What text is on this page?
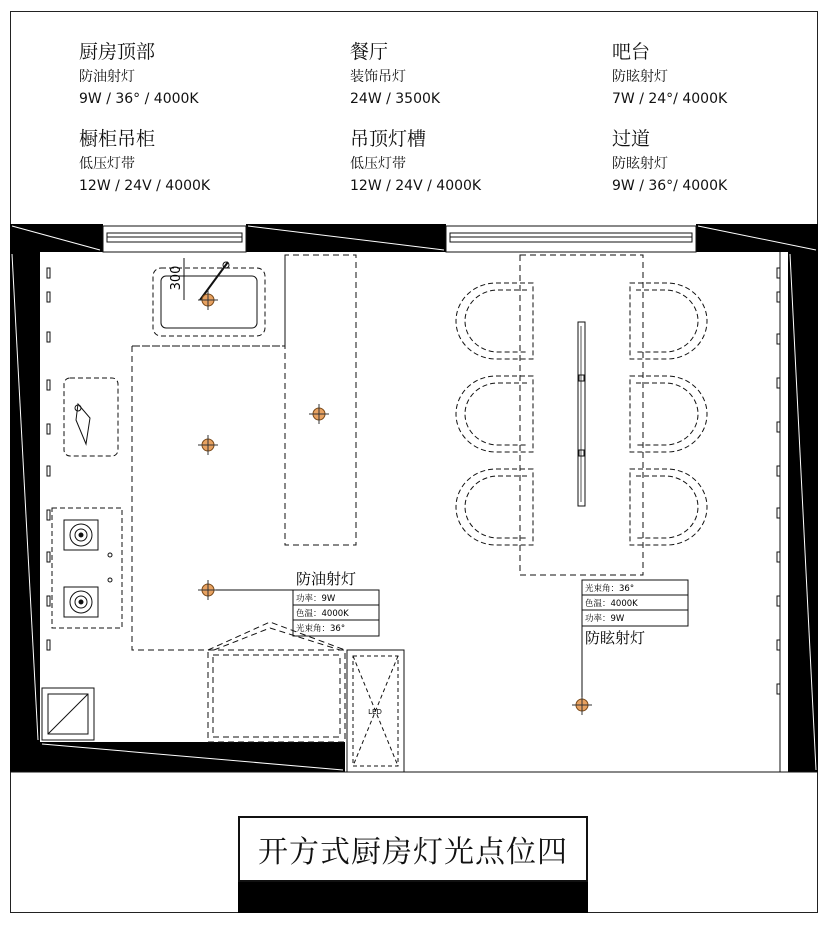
厨房顶部
防油射灯
9W / 36° / 4000K
餐厅
装饰吊灯
24W / 3500K
吧台
防眩射灯
7W / 24°/ 4000K
橱柜吊柜
低压灯带
12W / 24V / 4000K
吊顶灯槽
低压灯带
12W / 24V / 4000K
过道
防眩射灯
9W / 36°/ 4000K
300
LED
防油射灯
功率：9W
色温：4000K
光束角：36°
光束角：36°
色温：4000K
功率：9W
防眩射灯
开方式厨房灯光点位四
